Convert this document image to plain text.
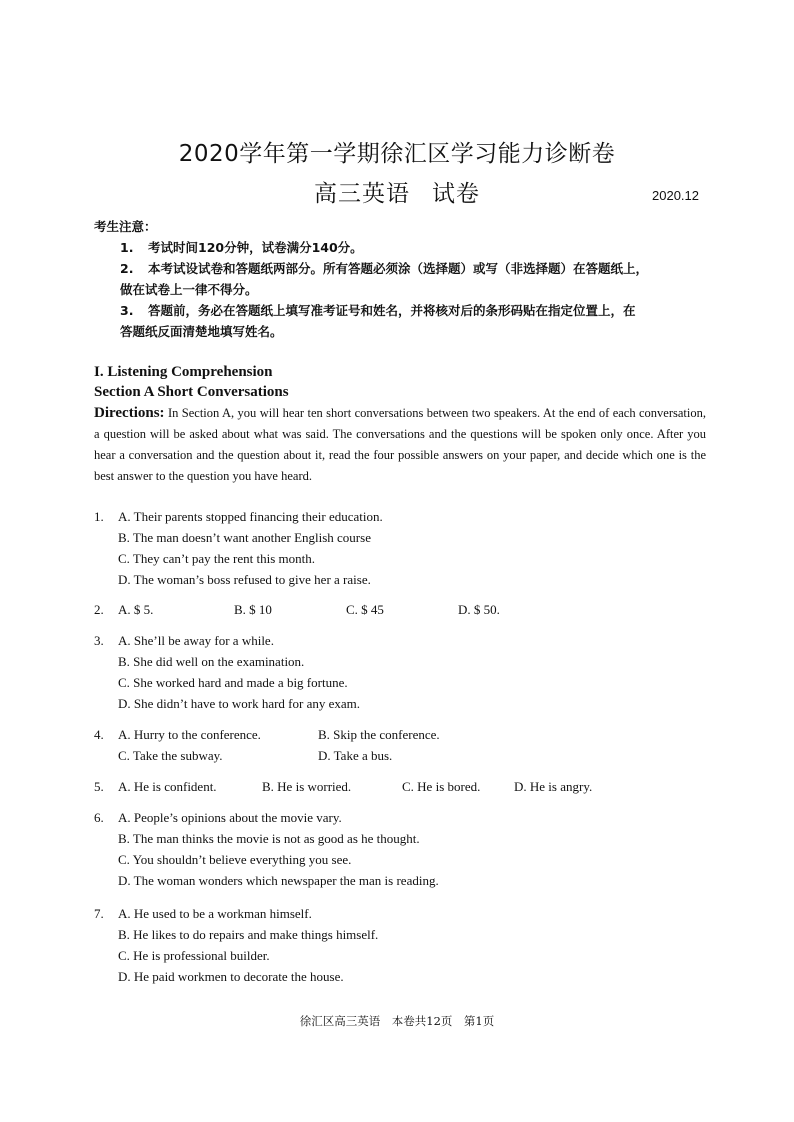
2020学年第一学期徐汇区学习能力诊断卷
高三英语 试卷	2020.12
考生注意：
1. 考试时间120分钟，试卷满分140分。
2. 本考试设试卷和答题纸两部分。所有答题必须涂（选择题）或写（非选择题）在答题纸上，
做在试卷上一律不得分。
3. 答题前，务必在答题纸上填写准考证号和姓名，并将核对后的条形码贴在指定位置上，在
答题纸反面清楚地填写姓名。
I. Listening Comprehension
Section A Short Conversations
Directions: In Section A, you will hear ten short conversations between two speakers. At the end of each conversation, a question will be asked about what was said. The conversations and the questions will be spoken only once. After you hear a conversation and the question about it, read the four possible answers on your paper, and decide which one is the best answer to the question you have heard.
1.	A. Their parents stopped financing their education.
B. The man doesn’t want another English course
C. They can’t pay the rent this month.
D. The woman’s boss refused to give her a raise.
2.	A. $ 5.	B. $ 10	C. $ 45	D. $ 50.
3.	A. She’ll be away for a while.
B. She did well on the examination.
C. She worked hard and made a big fortune.
D. She didn’t have to work hard for any exam.
4.	A. Hurry to the conference.	B. Skip the conference.
C. Take the subway.	D. Take a bus.
5.	A. He is confident.	B. He is worried.	C. He is bored.	D. He is angry.
6.	A. People’s opinions about the movie vary.
B. The man thinks the movie is not as good as he thought.
C. You shouldn’t believe everything you see.
D. The woman wonders which newspaper the man is reading.
7.	A. He used to be a workman himself.
B. He likes to do repairs and make things himself.
C. He is professional builder.
D. He paid workmen to decorate the house.
徐汇区高三英语　本卷共12页　第1页
